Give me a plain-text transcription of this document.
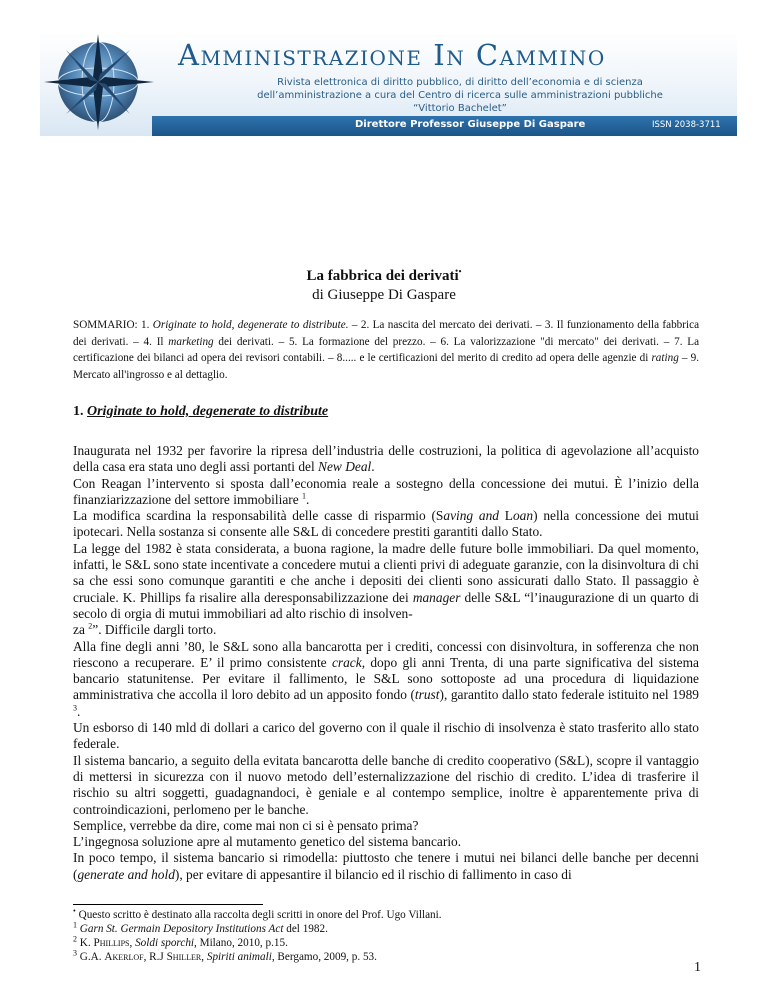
Amministrazione In Cammino
Rivista elettronica di diritto pubblico, di diritto dell’economia e di scienza
dell’amministrazione a cura del Centro di ricerca sulle amministrazioni pubbliche
“Vittorio Bachelet”
Direttore Professor Giuseppe Di Gaspare	ISSN 2038-3711
La fabbrica dei derivati•
di Giuseppe Di Gaspare
SOMMARIO: 1. Originate to hold, degenerate to distribute. – 2. La nascita del mercato dei derivati. – 3. Il funzionamento della fabbrica dei derivati. – 4. Il marketing dei derivati. – 5. La formazione del prezzo. – 6. La valorizzazione "di mercato" dei derivati. – 7. La certificazione dei bilanci ad opera dei revisori contabili. – 8..... e le certificazioni del merito di credito ad opera delle agenzie di rating – 9. Mercato all'ingrosso e al dettaglio.
1. Originate to hold, degenerate to distribute

Inaugurata nel 1932 per favorire la ripresa dell’industria delle costruzioni, la politica di agevolazione all’acquisto della casa era stata uno degli assi portanti del New Deal.

Con Reagan l’intervento si sposta dall’economia reale a sostegno della concessione dei mutui. È l’inizio della finanziarizzazione del settore immobiliare $^1$.

La modifica scardina la responsabilità delle casse di risparmio (Saving and Loan) nella concessione dei mutui ipotecari. Nella sostanza si consente alle S&L di concedere prestiti garantiti dallo Stato.

La legge del 1982 è stata considerata, a buona ragione, la madre delle future bolle immobiliari. Da quel momento, infatti, le S&L sono state incentivate a concedere mutui a clienti privi di adeguate garanzie, con la disinvoltura di chi sa che essi sono comunque garantiti e che anche i depositi dei clienti sono assicurati dallo Stato. Il passaggio è cruciale. K. Phillips fa risalire alla deresponsabilizzazione dei manager delle S&L “l’inaugurazione di un quarto di secolo di orgia di mutui immobiliari ad alto rischio di insolven-
za $^2$”. Difficile dargli torto.

Alla fine degli anni ’80, le S&L sono alla bancarotta per i crediti, concessi con disinvoltura, in sofferenza che non riescono a recuperare. E’ il primo consistente crack, dopo gli anni Trenta, di una parte significativa del sistema bancario statunitense. Per evitare il fallimento, le S&L sono sottoposte ad una procedura di liquidazione amministrativa che accolla il loro debito ad un apposito fondo (trust), garantito dallo stato federale istituito nel 1989 $^3$.

Un esborso di 140 mld di dollari a carico del governo con il quale il rischio di insolvenza è stato trasferito allo stato federale.

Il sistema bancario, a seguito della evitata bancarotta delle banche di credito cooperativo (S&L), scopre il vantaggio di mettersi in sicurezza con il nuovo metodo dell’esternalizzazione del rischio di credito. L’idea di trasferire il rischio su altri soggetti, guadagnandoci, è geniale e al contempo semplice, inoltre è apparentemente priva di controindicazioni, perlomeno per le banche.

Semplice, verrebbe da dire, come mai non ci si è pensato prima?

L’ingegnosa soluzione apre al mutamento genetico del sistema bancario.

In poco tempo, il sistema bancario si rimodella: piuttosto che tenere i mutui nei bilanci delle banche per decenni (generate and hold), per evitare di appesantire il bilancio ed il rischio di fallimento in caso di

• Questo scritto è destinato alla raccolta degli scritti in onore del Prof. Ugo Villani.
$^1$ Garn St. Germain Depository Institutions Act del 1982.
$^2$ K. Phillips, Soldi sporchi, Milano, 2010, p.15.
$^3$ G.A. Akerlof, R.J Shiller, Spiriti animali, Bergamo, 2009, p. 53.
1
